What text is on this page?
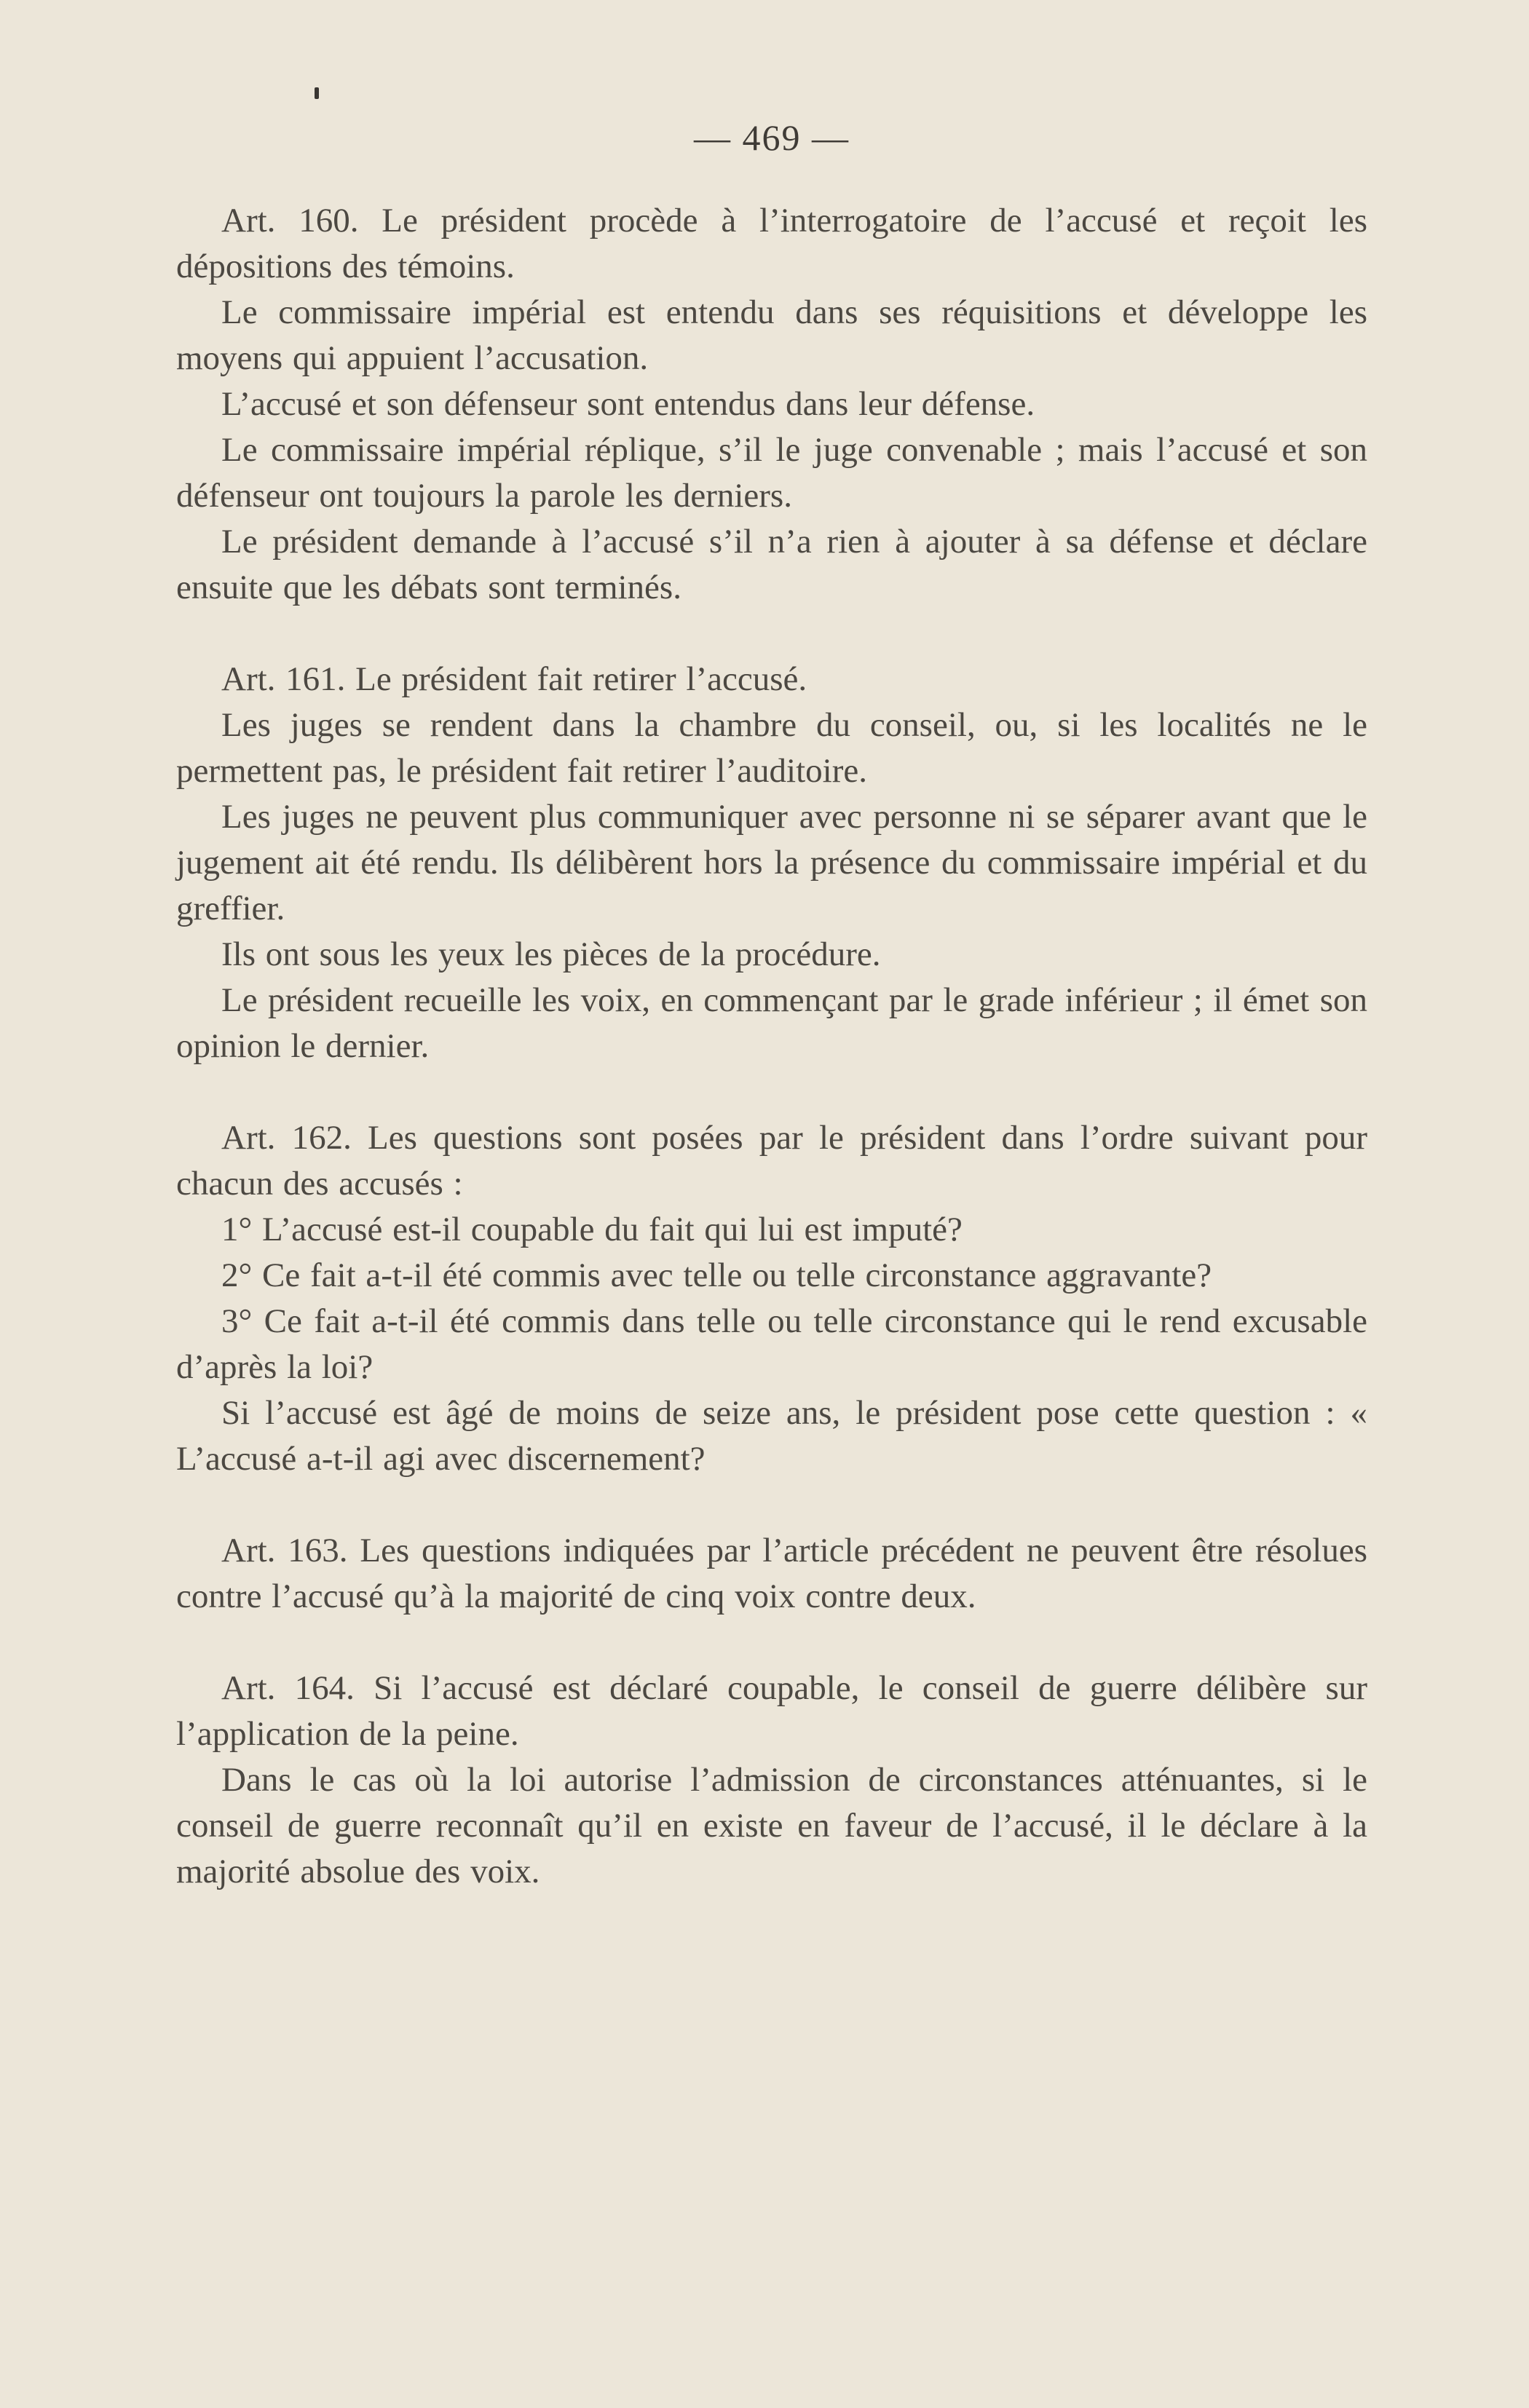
— 469 —

Art. 160. Le président procède à l’interrogatoire de l’accusé et reçoit les dépositions des témoins.

Le commissaire impérial est entendu dans ses réquisitions et développe les moyens qui appuient l’accusation.

L’accusé et son défenseur sont entendus dans leur défense.

Le commissaire impérial réplique, s’il le juge convenable ; mais l’accusé et son défenseur ont toujours la parole les derniers.

Le président demande à l’accusé s’il n’a rien à ajouter à sa défense et déclare ensuite que les débats sont terminés.

Art. 161. Le président fait retirer l’accusé.

Les juges se rendent dans la chambre du conseil, ou, si les localités ne le permettent pas, le président fait retirer l’auditoire.

Les juges ne peuvent plus communiquer avec personne ni se séparer avant que le jugement ait été rendu. Ils délibèrent hors la présence du commissaire impérial et du greffier.

Ils ont sous les yeux les pièces de la procédure.

Le président recueille les voix, en commençant par le grade inférieur ; il émet son opinion le dernier.

Art. 162. Les questions sont posées par le président dans l’ordre suivant pour chacun des accusés :

1° L’accusé est-il coupable du fait qui lui est imputé?

2° Ce fait a-t-il été commis avec telle ou telle circonstance aggravante?

3° Ce fait a-t-il été commis dans telle ou telle circonstance qui le rend excusable d’après la loi?

Si l’accusé est âgé de moins de seize ans, le président pose cette question : « L’accusé a-t-il agi avec discernement?

Art. 163. Les questions indiquées par l’article précédent ne peuvent être résolues contre l’accusé qu’à la majorité de cinq voix contre deux.

Art. 164. Si l’accusé est déclaré coupable, le conseil de guerre délibère sur l’application de la peine.

Dans le cas où la loi autorise l’admission de circonstances atténuantes, si le conseil de guerre reconnaît qu’il en existe en faveur de l’accusé, il le déclare à la majorité absolue des voix.
